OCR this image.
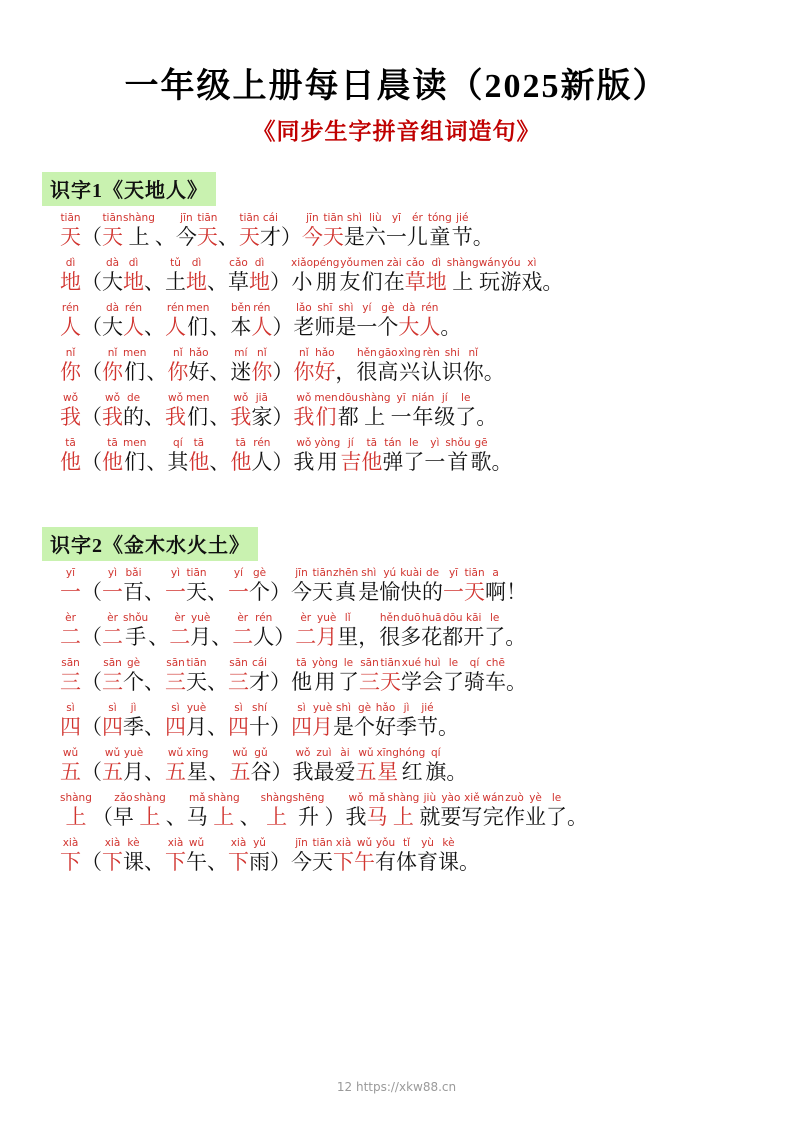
一年级上册每日晨读（2025新版）
《同步生字拼音组词造句》
识字1《天地人》
tiān
天 （
tiān
天
shàng
上 、
jīn
今
tiān
天 、
tiān
天
cái
才 ）
jīn
今
tiān
天
shì
是
liù
六
yī
一
ér
儿
tóng
童
jié
节 。
dì
地 （
dà
大
dì
地 、
tǔ
土
dì
地 、
cǎo
草
dì
地 ）
xiǎo
小
péng
朋
yǒu
友
men
们
zài
在
cǎo
草
dì
地
shàng
上
wán
玩
yóu
游
xì
戏 。
rén
人 （
dà
大
rén
人 、
rén
人
men
们 、
běn
本
rén
人 ）
lǎo
老
shī
师
shì
是
yí
一
gè
个
dà
大
rén
人 。
nǐ
你 （
nǐ
你
men
们 、
nǐ
你
hǎo
好 、
mí
迷
nǐ
你 ）
nǐ
你
hǎo
好 ，
hěn
很
gāo
高
xìng
兴
rèn
认
shi
识
nǐ
你 。
wǒ
我 （
wǒ
我
de
的 、
wǒ
我
men
们 、
wǒ
我
jiā
家 ）
wǒ
我
men
们
dōu
都
shàng
上
yī
一
nián
年
jí
级
le
了 。
tā
他 （
tā
他
men
们 、
qí
其
tā
他 、
tā
他
rén
人 ）
wǒ
我
yòng
用
jí
吉
tā
他
tán
弹
le
了
yì
一
shǒu
首
gē
歌 。
识字2《金木水火土》
yī
一 （
yì
一
bǎi
百 、
yì
一
tiān
天 、
yí
一
gè
个 ）
jīn
今
tiān
天
zhēn
真
shì
是
yú
愉
kuài
快
de
的
yī
一
tiān
天
a
啊 ！
èr
二 （
èr
二
shǒu
手 、
èr
二
yuè
月 、
èr
二
rén
人 ）
èr
二
yuè
月
lǐ
里 ，
hěn
很
duō
多
huā
花
dōu
都
kāi
开
le
了 。
sān
三 （
sān
三
gè
个 、
sān
三
tiān
天 、
sān
三
cái
才 ）
tā
他
yòng
用
le
了
sān
三
tiān
天
xué
学
huì
会
le
了
qí
骑
chē
车 。
sì
四 （
sì
四
jì
季 、
sì
四
yuè
月 、
sì
四
shí
十 ）
sì
四
yuè
月
shì
是
gè
个
hǎo
好
jì
季
jié
节 。
wǔ
五 （
wǔ
五
yuè
月 、
wǔ
五
xīng
星 、
wǔ
五
gǔ
谷 ）
wǒ
我
zuì
最
ài
爱
wǔ
五
xīng
星
hóng
红
qí
旗 。
shàng
上 （
zǎo
早
shàng
上 、
mǎ
马
shàng
上 、
shàng
上
shēng
升 ）
wǒ
我
mǎ
马
shàng
上
jiù
就
yào
要
xiě
写
wán
完
zuò
作
yè
业
le
了 。
xià
下 （
xià
下
kè
课 、
xià
下
wǔ
午 、
xià
下
yǔ
雨 ）
jīn
今
tiān
天
xià
下
wǔ
午
yǒu
有
tǐ
体
yù
育
kè
课 。
12 https://xkw88.cn
